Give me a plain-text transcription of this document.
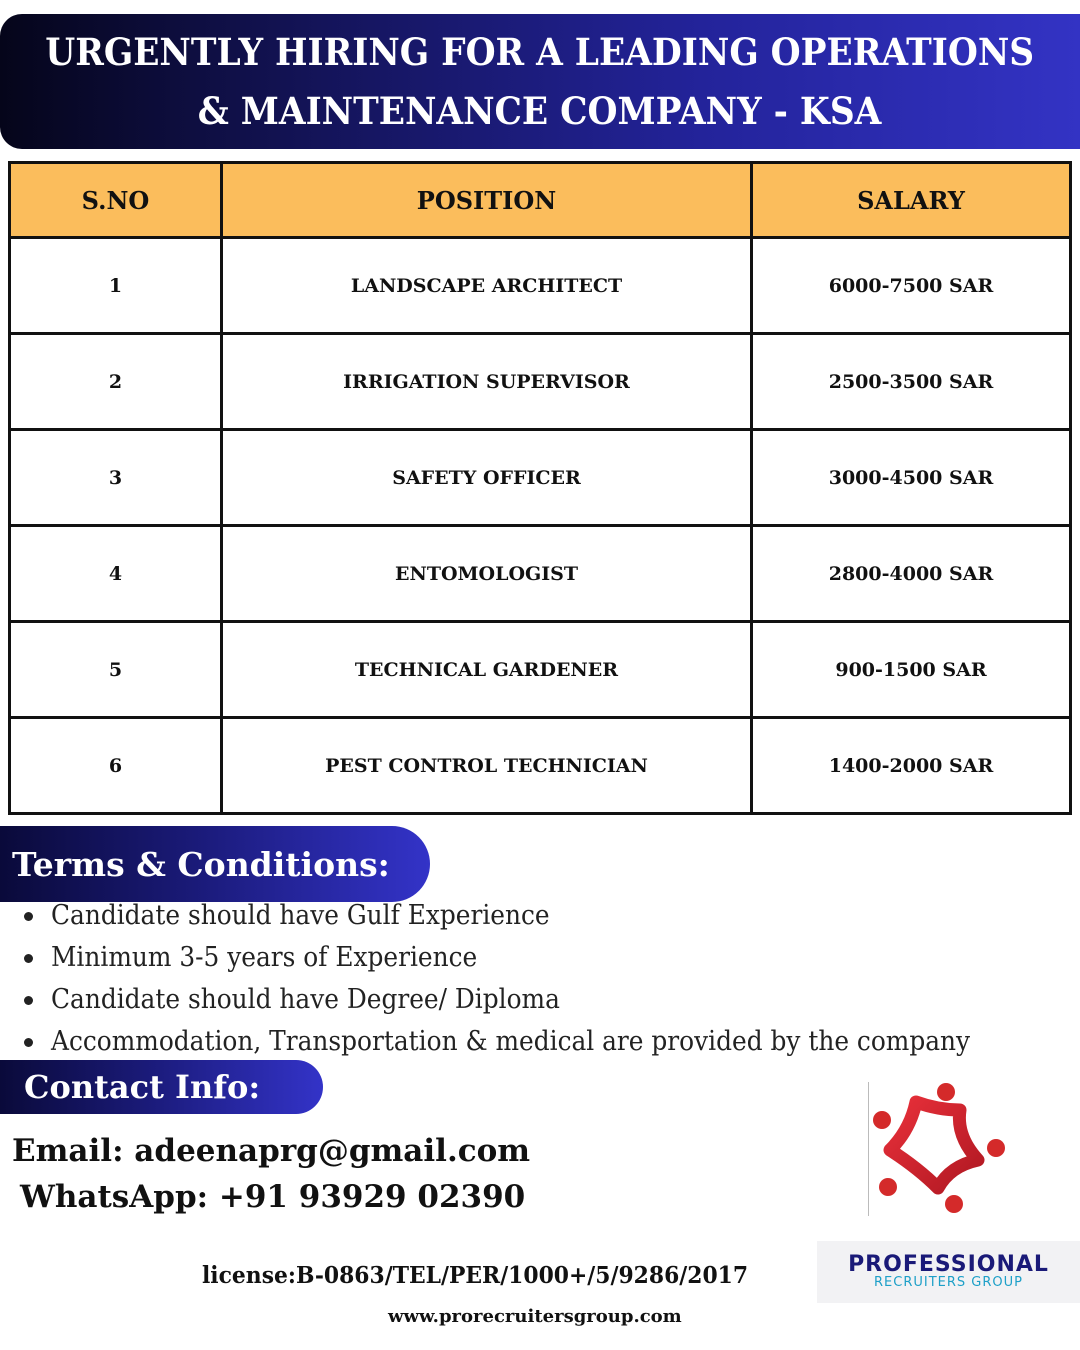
URGENTLY HIRING FOR A LEADING OPERATIONS
& MAINTENANCE COMPANY - KSA
S.NO	POSITION	SALARY
1	LANDSCAPE ARCHITECT	6000-7500 SAR
2	IRRIGATION SUPERVISOR	2500-3500 SAR
3	SAFETY OFFICER	3000-4500 SAR
4	ENTOMOLOGIST	2800-4000 SAR
5	TECHNICAL GARDENER	900-1500 SAR
6	PEST CONTROL TECHNICIAN	1400-2000 SAR
Terms & Conditions:
Candidate should have Gulf Experience
Minimum 3-5 years of Experience
Candidate should have Degree/ Diploma
Accommodation, Transportation & medical are provided by the company
Contact Info:
Email: adeenaprg@gmail.com
WhatsApp: +91 93929 02390
PROFESSIONAL
RECRUITERS GROUP
license:B-0863/TEL/PER/1000+/5/9286/2017
www.prorecruitersgroup.com
